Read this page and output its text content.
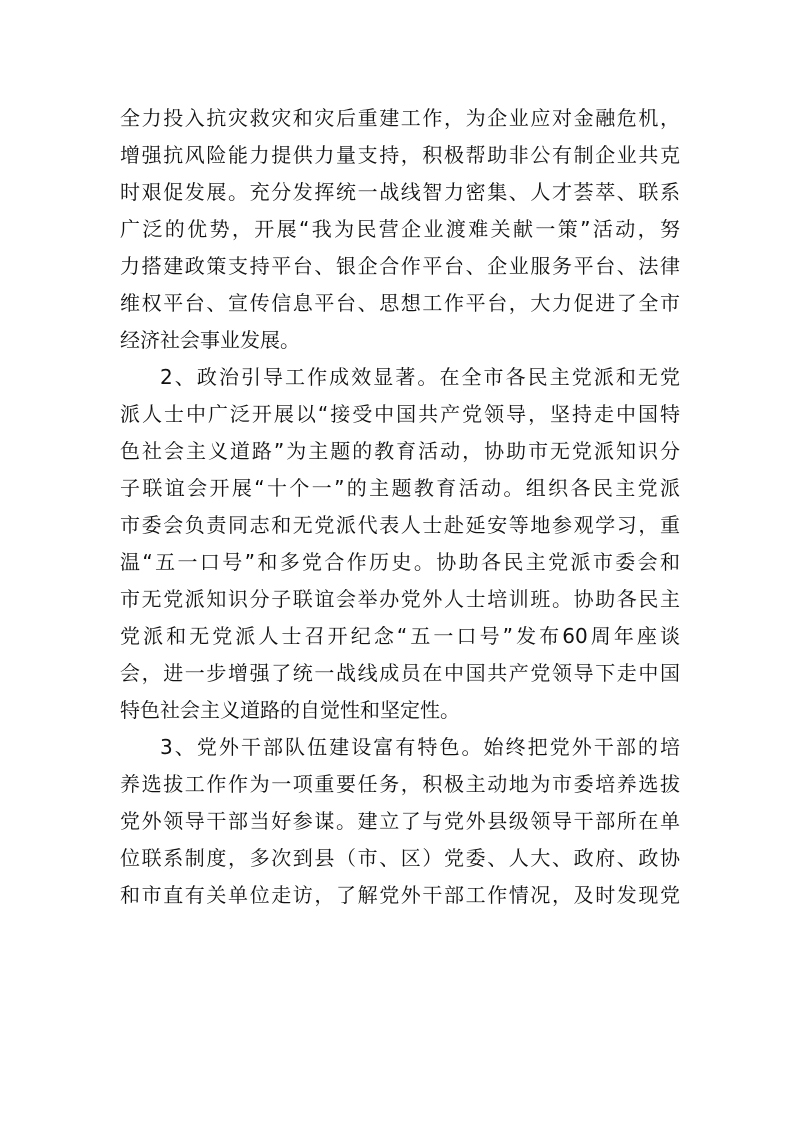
全力投入抗灾救灾和灾后重建工作，为企业应对金融危机，
增强抗风险能力提供力量支持，积极帮助非公有制企业共克
时艰促发展。充分发挥统一战线智力密集、人才荟萃、联系
广泛的优势，开展“我为民营企业渡难关献一策”活动，努
力搭建政策支持平台、银企合作平台、企业服务平台、法律
维权平台、宣传信息平台、思想工作平台，大力促进了全市
经济社会事业发展。
2、政治引导工作成效显著。在全市各民主党派和无党
派人士中广泛开展以“接受中国共产党领导，坚持走中国特
色社会主义道路”为主题的教育活动，协助市无党派知识分
子联谊会开展“十个一”的主题教育活动。组织各民主党派
市委会负责同志和无党派代表人士赴延安等地参观学习，重
温“五一口号”和多党合作历史。协助各民主党派市委会和
市无党派知识分子联谊会举办党外人士培训班。协助各民主
党派和无党派人士召开纪念“五一口号”发布60周年座谈
会，进一步增强了统一战线成员在中国共产党领导下走中国
特色社会主义道路的自觉性和坚定性。
3、党外干部队伍建设富有特色。始终把党外干部的培
养选拔工作作为一项重要任务，积极主动地为市委培养选拔
党外领导干部当好参谋。建立了与党外县级领导干部所在单
位联系制度，多次到县（市、区）党委、人大、政府、政协
和市直有关单位走访，了解党外干部工作情况，及时发现党
